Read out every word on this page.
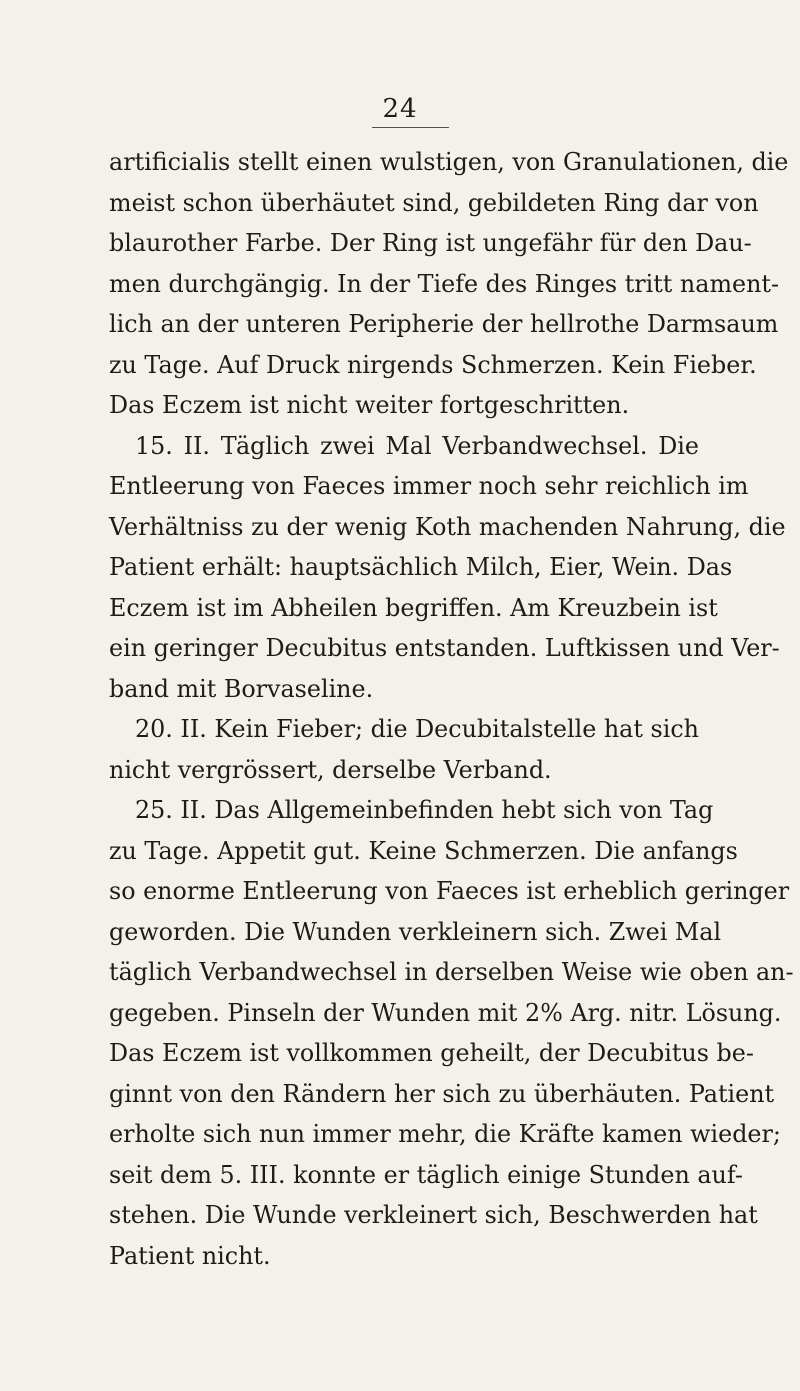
24
artificialis stellt einen wulstigen, von Granulationen, die
meist schon überhäutet sind, gebildeten Ring dar von
blaurother Farbe. Der Ring ist ungefähr für den Dau-
men durchgängig. In der Tiefe des Ringes tritt nament-
lich an der unteren Peripherie der hellrothe Darmsaum
zu Tage. Auf Druck nirgends Schmerzen. Kein Fieber.
Das Eczem ist nicht weiter fortgeschritten.
15. II. Täglich zwei Mal Verbandwechsel. Die
Entleerung von Faeces immer noch sehr reichlich im
Verhältniss zu der wenig Koth machenden Nahrung, die
Patient erhält: hauptsächlich Milch, Eier, Wein. Das
Eczem ist im Abheilen begriffen. Am Kreuzbein ist
ein geringer Decubitus entstanden. Luftkissen und Ver-
band mit Borvaseline.
20. II. Kein Fieber; die Decubitalstelle hat sich
nicht vergrössert, derselbe Verband.
25. II. Das Allgemeinbefinden hebt sich von Tag
zu Tage. Appetit gut. Keine Schmerzen. Die anfangs
so enorme Entleerung von Faeces ist erheblich geringer
geworden. Die Wunden verkleinern sich. Zwei Mal
täglich Verbandwechsel in derselben Weise wie oben an-
gegeben. Pinseln der Wunden mit 2% Arg. nitr. Lösung.
Das Eczem ist vollkommen geheilt, der Decubitus be-
ginnt von den Rändern her sich zu überhäuten. Patient
erholte sich nun immer mehr, die Kräfte kamen wieder;
seit dem 5. III. konnte er täglich einige Stunden auf-
stehen. Die Wunde verkleinert sich, Beschwerden hat
Patient nicht.
